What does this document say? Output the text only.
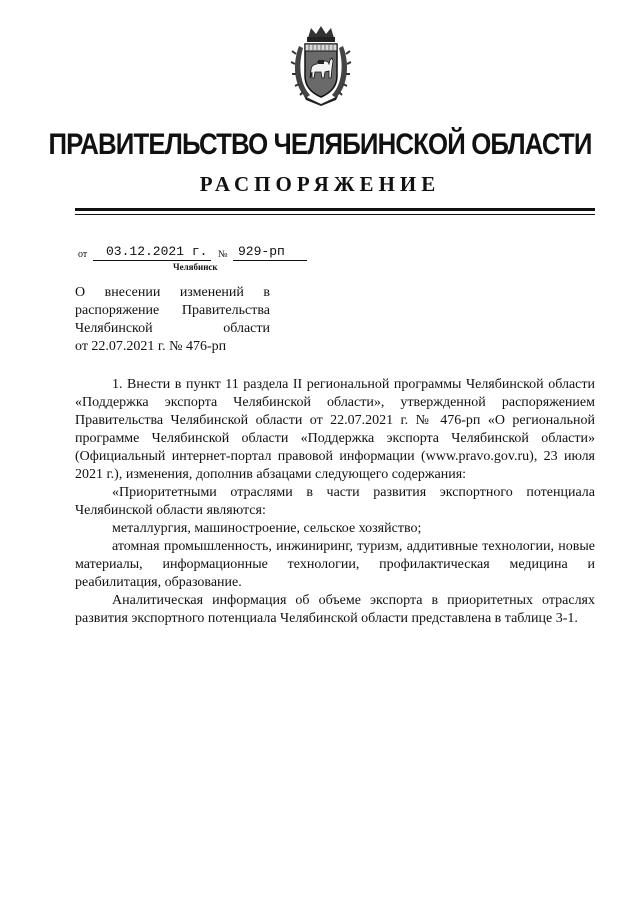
ПРАВИТЕЛЬСТВО ЧЕЛЯБИНСКОЙ ОБЛАСТИ
РАСПОРЯЖЕНИЕ
от 03.12.2021 г. № 929-рп
Челябинск
О внесении изменений в
распоряжение Правительства
Челябинской области
от 22.07.2021 г. № 476-рп

1. Внести в пункт 11 раздела II региональной программы Челябинской области «Поддержка экспорта Челябинской области», утвержденной распоряжением Правительства Челябинской области от 22.07.2021 г. № 476-рп «О региональной программе Челябинской области «Поддержка экспорта Челябинской области» (Официальный интернет-портал правовой информации (www.pravo.gov.ru), 23 июля 2021 г.), изменения, дополнив абзацами следующего содержания:

«Приоритетными отраслями в части развития экспортного потенциала Челябинской области являются:

металлургия, машиностроение, сельское хозяйство;

атомная промышленность, инжиниринг, туризм, аддитивные технологии, новые материалы, информационные технологии, профилактическая медицина и реабилитация, образование.

Аналитическая информация об объеме экспорта в приоритетных отраслях развития экспортного потенциала Челябинской области представлена в таблице 3-1.
